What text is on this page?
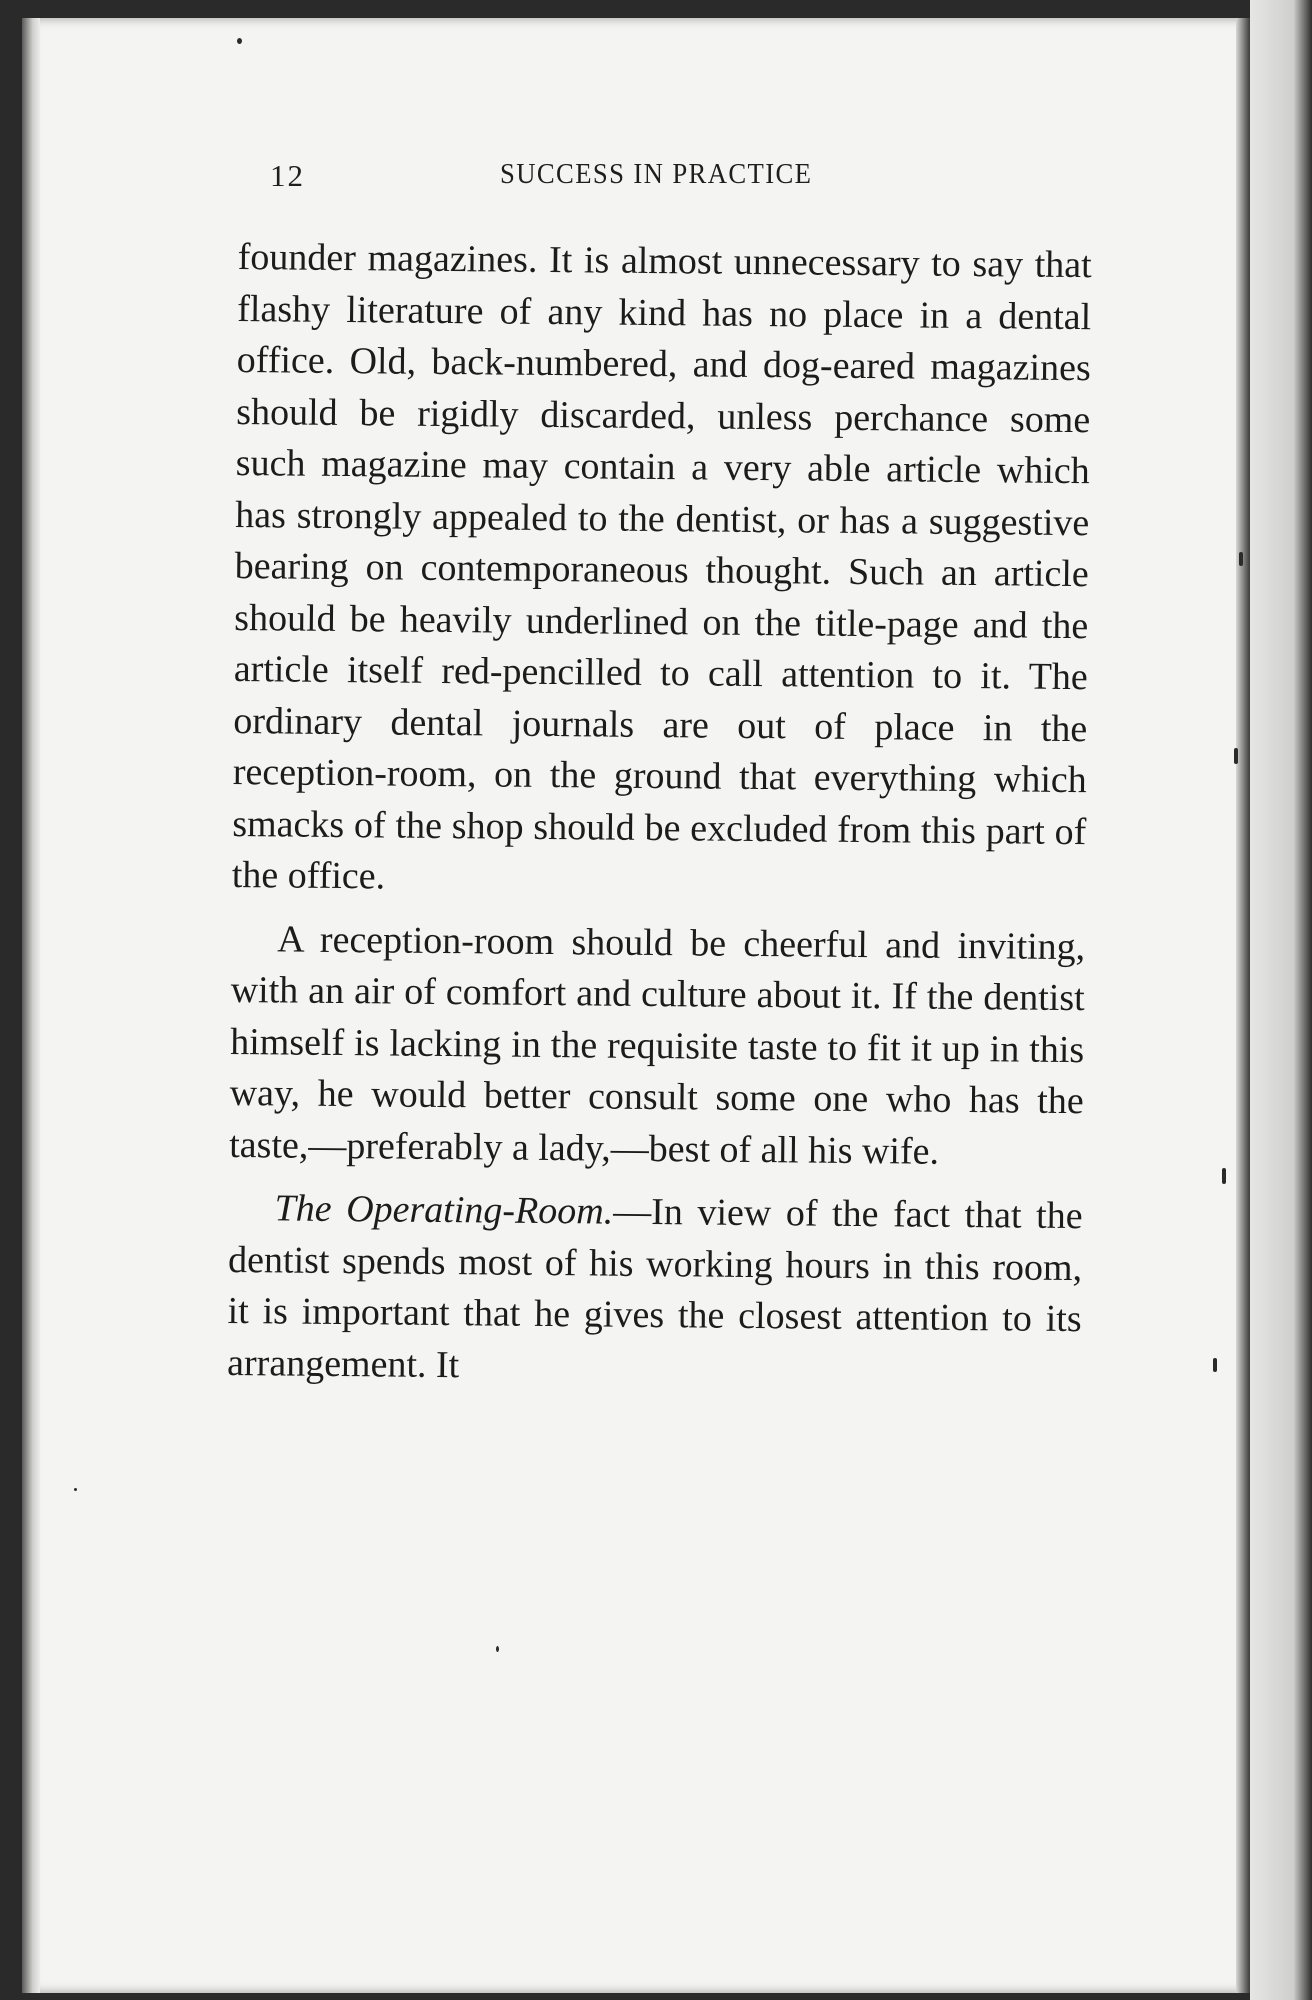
12	SUCCESS IN PRACTICE

founder magazines. It is almost unnecessary to say that flashy literature of any kind has no place in a dental office. Old, back-numbered, and dog-eared magazines should be rigidly discarded, unless perchance some such magazine may contain a very able article which has strongly appealed to the dentist, or has a suggestive bearing on contemporaneous thought. Such an article should be heavily underlined on the title-page and the article itself red-pencilled to call attention to it. The ordinary dental journals are out of place in the reception-room, on the ground that everything which smacks of the shop should be excluded from this part of the office.

A reception-room should be cheerful and inviting, with an air of comfort and culture about it. If the dentist himself is lacking in the requisite taste to fit it up in this way, he would better consult some one who has the taste,—preferably a lady,—best of all his wife.

The Operating-Room.—In view of the fact that the dentist spends most of his working hours in this room, it is important that he gives the closest attention to its arrangement. It
